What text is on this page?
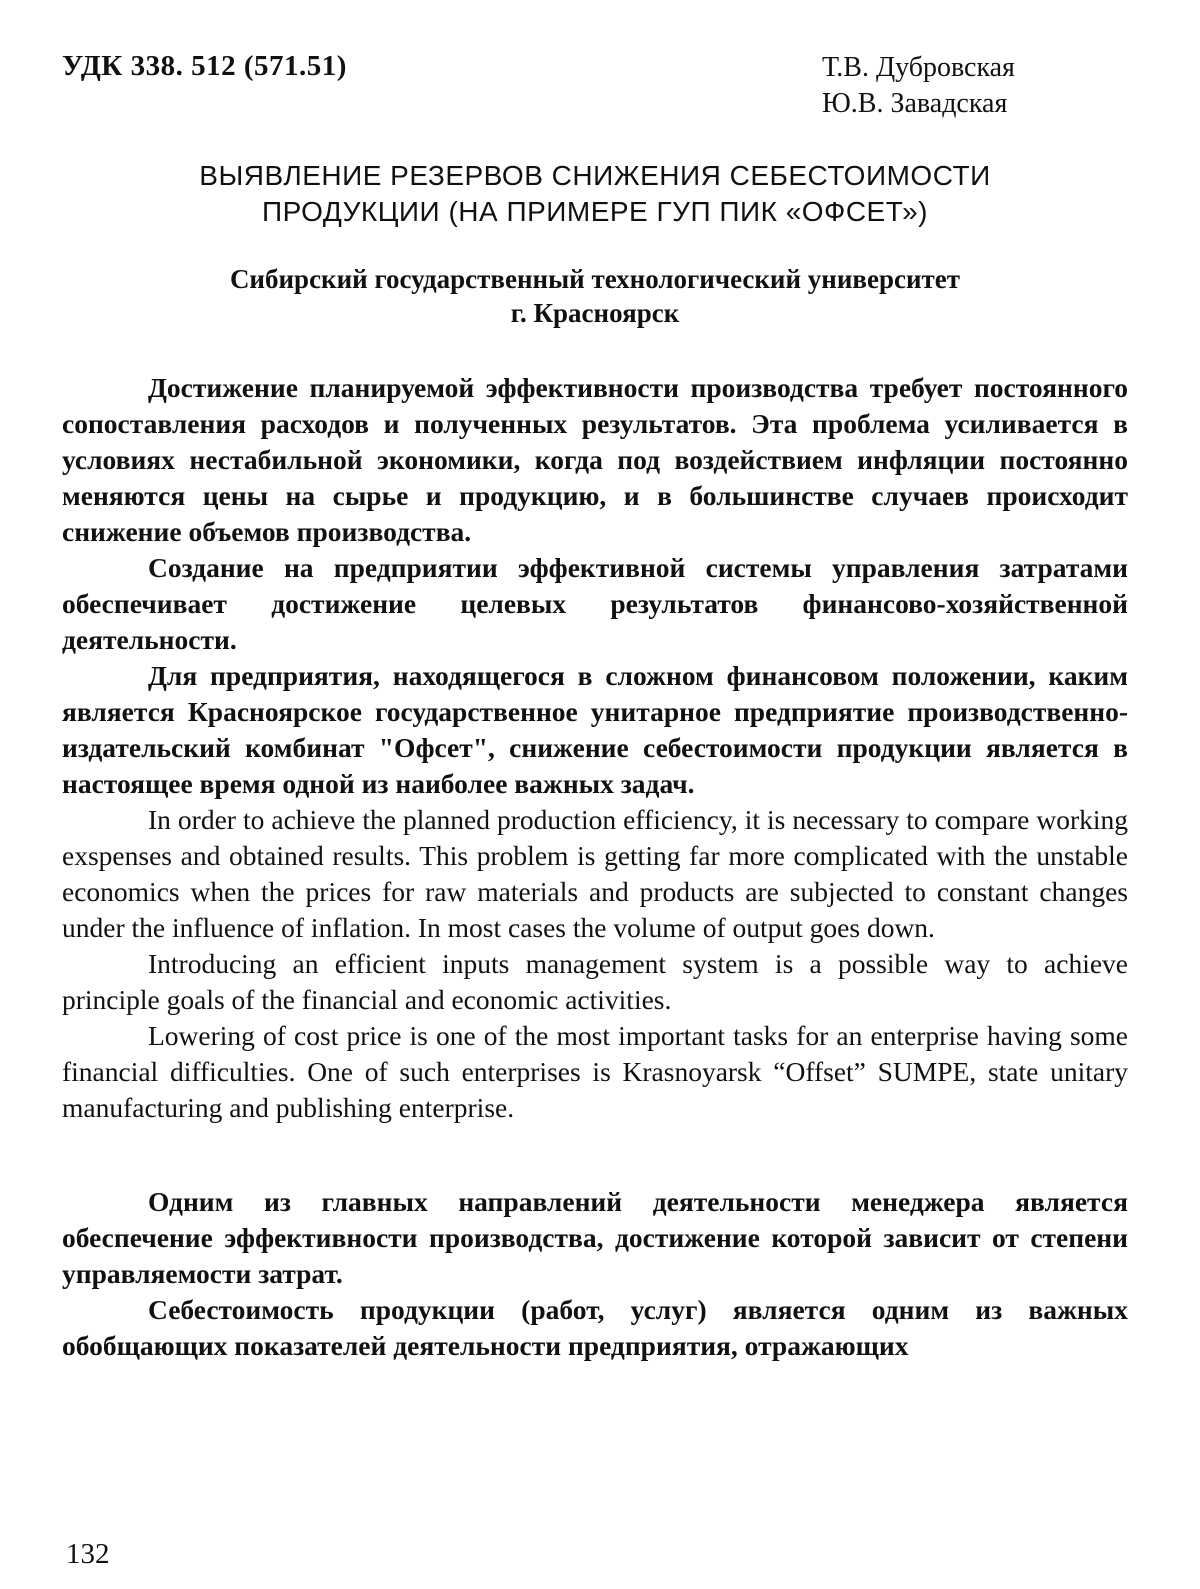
УДК 338. 512 (571.51)	Т.В. Дубровская
Ю.В. Завадская
ВЫЯВЛЕНИЕ РЕЗЕРВОВ СНИЖЕНИЯ СЕБЕСТОИМОСТИ
ПРОДУКЦИИ (НА ПРИМЕРЕ ГУП ПИК «ОФСЕТ»)
Сибирский государственный технологический университет
г. Красноярск

Достижение планируемой эффективности производства требует постоянного сопоставления расходов и полученных результатов. Эта проблема усиливается в условиях нестабильной экономики, когда под воздействием инфляции постоянно меняются цены на сырье и продукцию, и в большинстве случаев происходит снижение объемов производства.

Создание на предприятии эффективной системы управления затратами обеспечивает достижение целевых результатов финансово-хозяйственной деятельности.

Для предприятия, находящегося в сложном финансовом положении, каким является Красноярское государственное унитарное предприятие производственно-издательский комбинат "Офсет", снижение себестоимости продукции является в настоящее время одной из наиболее важных задач.

In order to achieve the planned production efficiency, it is necessary to compare working exspenses and obtained results. This problem is getting far more complicated with the unstable economics when the prices for raw materials and products are subjected to constant changes under the influence of inflation. In most cases the volume of output goes down.

Introducing an efficient inputs management system is a possible way to achieve principle goals of the financial and economic activities.

Lowering of cost price is one of the most important tasks for an enterprise having some financial difficulties. One of such enterprises is Krasnoyarsk “Offset” SUMPE, state unitary manufacturing and publishing enterprise.

Одним из главных направлений деятельности менеджера является обеспечение эффективности производства, достижение которой зависит от степени управляемости затрат.

Себестоимость продукции (работ, услуг) является одним из важных обобщающих показателей деятельности предприятия, отражающих

132
